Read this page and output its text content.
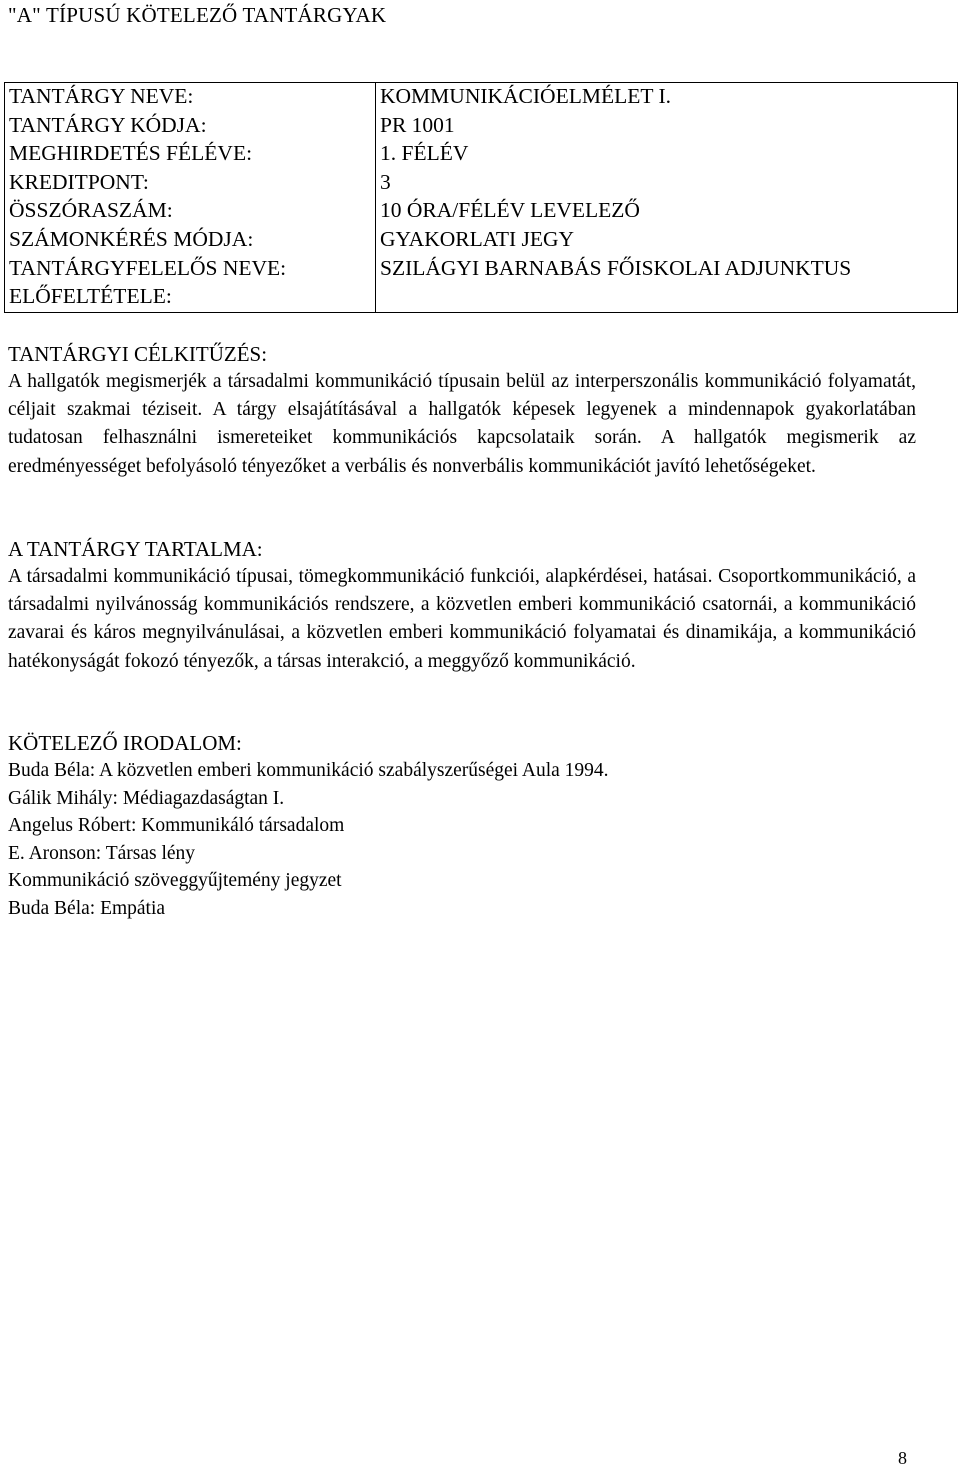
"A" TÍPUSÚ KÖTELEZŐ TANTÁRGYAK
TANTÁRGY NEVE:	KOMMUNIKÁCIÓELMÉLET I.
TANTÁRGY KÓDJA:	PR 1001
MEGHIRDETÉS FÉLÉVE:	1. FÉLÉV
KREDITPONT:	3
ÖSSZÓRASZÁM:	10 ÓRA/FÉLÉV LEVELEZŐ
SZÁMONKÉRÉS MÓDJA:	GYAKORLATI JEGY
TANTÁRGYFELELŐS NEVE:	SZILÁGYI BARNABÁS FŐISKOLAI ADJUNKTUS
ELŐFELTÉTELE:	
TANTÁRGYI CÉLKITŰZÉS:

A hallgatók megismerjék a társadalmi kommunikáció típusain belül az interperszonális kommunikáció folyamatát, céljait szakmai téziseit. A tárgy elsajátításával a hallgatók képesek legyenek a mindennapok gyakorlatában tudatosan felhasználni ismereteiket kommunikációs kapcsolataik során. A hallgatók megismerik az eredményességet befolyásoló tényezőket a verbális és nonverbális kommunikációt javító lehetőségeket.

A TANTÁRGY TARTALMA:

A társadalmi kommunikáció típusai, tömegkommunikáció funkciói, alapkérdései, hatásai. Csoportkommunikáció, a társadalmi nyilvánosság kommunikációs rendszere, a közvetlen emberi kommunikáció csatornái, a kommunikáció zavarai és káros megnyilvánulásai, a közvetlen emberi kommunikáció folyamatai és dinamikája, a kommunikáció hatékonyságát fokozó tényezők, a társas interakció, a meggyőző kommunikáció.

KÖTELEZŐ IRODALOM:
Buda Béla: A közvetlen emberi kommunikáció szabályszerűségei Aula 1994.
Gálik Mihály: Médiagazdaságtan I.
Angelus Róbert: Kommunikáló társadalom
E. Aronson: Társas lény
Kommunikáció szöveggyűjtemény jegyzet
Buda Béla: Empátia
8
